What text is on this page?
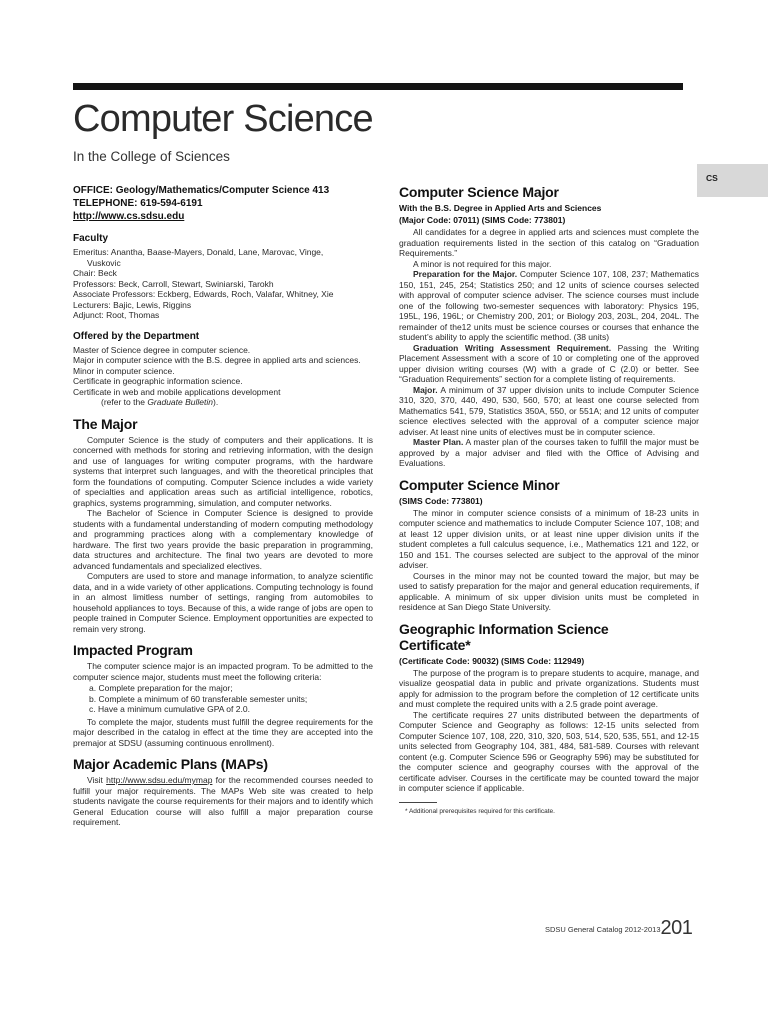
Computer Science
In the College of Sciences
CS
OFFICE: Geology/Mathematics/Computer Science 413
TELEPHONE: 619-594-6191
http://www.cs.sdsu.edu
Faculty
Emeritus: Anantha, Baase-Mayers, Donald, Lane, Marovac, Vinge,
Vuskovic
Chair: Beck
Professors: Beck, Carroll, Stewart, Swiniarski, Tarokh
Associate Professors: Eckberg, Edwards, Roch, Valafar, Whitney, Xie
Lecturers: Bajic, Lewis, Riggins
Adjunct: Root, Thomas
Offered by the Department
Master of Science degree in computer science.
Major in computer science with the B.S. degree in applied arts and sciences.
Minor in computer science.
Certificate in geographic information science.
Certificate in web and mobile applications development
(refer to the Graduate Bulletin).
The Major
Computer Science is the study of computers and their applications. It is concerned with methods for storing and retrieving information, with the design and use of languages for writing computer programs, with the hardware systems that interpret such languages, and with the theoretical principles that form the foundations of computing. Computer Science includes a wide variety of specialties and application areas such as artificial intelligence, robotics, graphics, systems programming, simulation, and computer networks.
The Bachelor of Science in Computer Science is designed to provide students with a fundamental understanding of modern computing methodology and programming practices along with a complementary knowledge of hardware. The first two years provide the basic preparation in programming, data structures and architecture. The final two years are devoted to more advanced fundamentals and specialized electives.
Computers are used to store and manage information, to analyze scientific data, and in a wide variety of other applications. Computing technology is found in an almost limitless number of settings, ranging from automobiles to household appliances to toys. Because of this, a wide range of jobs are open to people trained in Computer Science. Employment opportunities are expected to remain very strong.
Impacted Program
The computer science major is an impacted program. To be admitted to the computer science major, students must meet the following criteria:
a. Complete preparation for the major;
b. Complete a minimum of 60 transferable semester units;
c. Have a minimum cumulative GPA of 2.0.
To complete the major, students must fulfill the degree requirements for the major described in the catalog in effect at the time they are accepted into the premajor at SDSU (assuming continuous enrollment).
Major Academic Plans (MAPs)
Visit http://www.sdsu.edu/mymap for the recommended courses needed to fulfill your major requirements. The MAPs Web site was created to help students navigate the course requirements for their majors and to identify which General Education course will also fulfill a major preparation course requirement.
Computer Science Major
With the B.S. Degree in Applied Arts and Sciences
(Major Code: 07011) (SIMS Code: 773801)
All candidates for a degree in applied arts and sciences must complete the graduation requirements listed in the section of this catalog on “Graduation Requirements.”
A minor is not required for this major.
Preparation for the Major. Computer Science 107, 108, 237; Mathematics 150, 151, 245, 254; Statistics 250; and 12 units of science courses selected with approval of computer science adviser. The science courses must include one of the following two-semester sequences with laboratory: Physics 195, 195L, 196, 196L; or Chemistry 200, 201; or Biology 203, 203L, 204, 204L. The remainder of the12 units must be science courses or courses that enhance the student’s ability to apply the scientific method. (38 units)
Graduation Writing Assessment Requirement. Passing the Writing Placement Assessment with a score of 10 or completing one of the approved upper division writing courses (W) with a grade of C (2.0) or better. See “Graduation Requirements” section for a complete listing of requirements.
Major. A minimum of 37 upper division units to include Computer Science 310, 320, 370, 440, 490, 530, 560, 570; at least one course selected from Mathematics 541, 579, Statistics 350A, 550, or 551A; and 12 units of computer science electives selected with the approval of a computer science major adviser. At least nine units of electives must be in computer science.
Master Plan. A master plan of the courses taken to fulfill the major must be approved by a major adviser and filed with the Office of Advising and Evaluations.
Computer Science Minor
(SIMS Code: 773801)
The minor in computer science consists of a minimum of 18-23 units in computer science and mathematics to include Computer Science 107, 108; and at least 12 upper division units, or at least nine upper division units if the student completes a full calculus sequence, i.e., Mathematics 121 and 122, or 150 and 151. The courses selected are subject to the approval of the minor adviser.
Courses in the minor may not be counted toward the major, but may be used to satisfy preparation for the major and general education requirements, if applicable. A minimum of six upper division units must be completed in residence at San Diego State University.
Geographic Information Science
Certificate*
(Certificate Code: 90032) (SIMS Code: 112949)
The purpose of the program is to prepare students to acquire, manage, and visualize geospatial data in public and private organizations. Students must apply for admission to the program before the completion of 12 certificate units and must complete the required units with a 2.5 grade point average.
The certificate requires 27 units distributed between the departments of Computer Science and Geography as follows: 12-15 units selected from Computer Science 107, 108, 220, 310, 320, 503, 514, 520, 535, 551, and 12-15 units selected from Geography 104, 381, 484, 581-589. Courses with relevant content (e.g. Computer Science 596 or Geography 596) may be substituted for the computer science and geography courses with the approval of the certificate adviser. Courses in the certificate may be counted toward the major in computer science if applicable.
* Additional prerequisites required for this certificate.
SDSU General Catalog 2012-2013201
